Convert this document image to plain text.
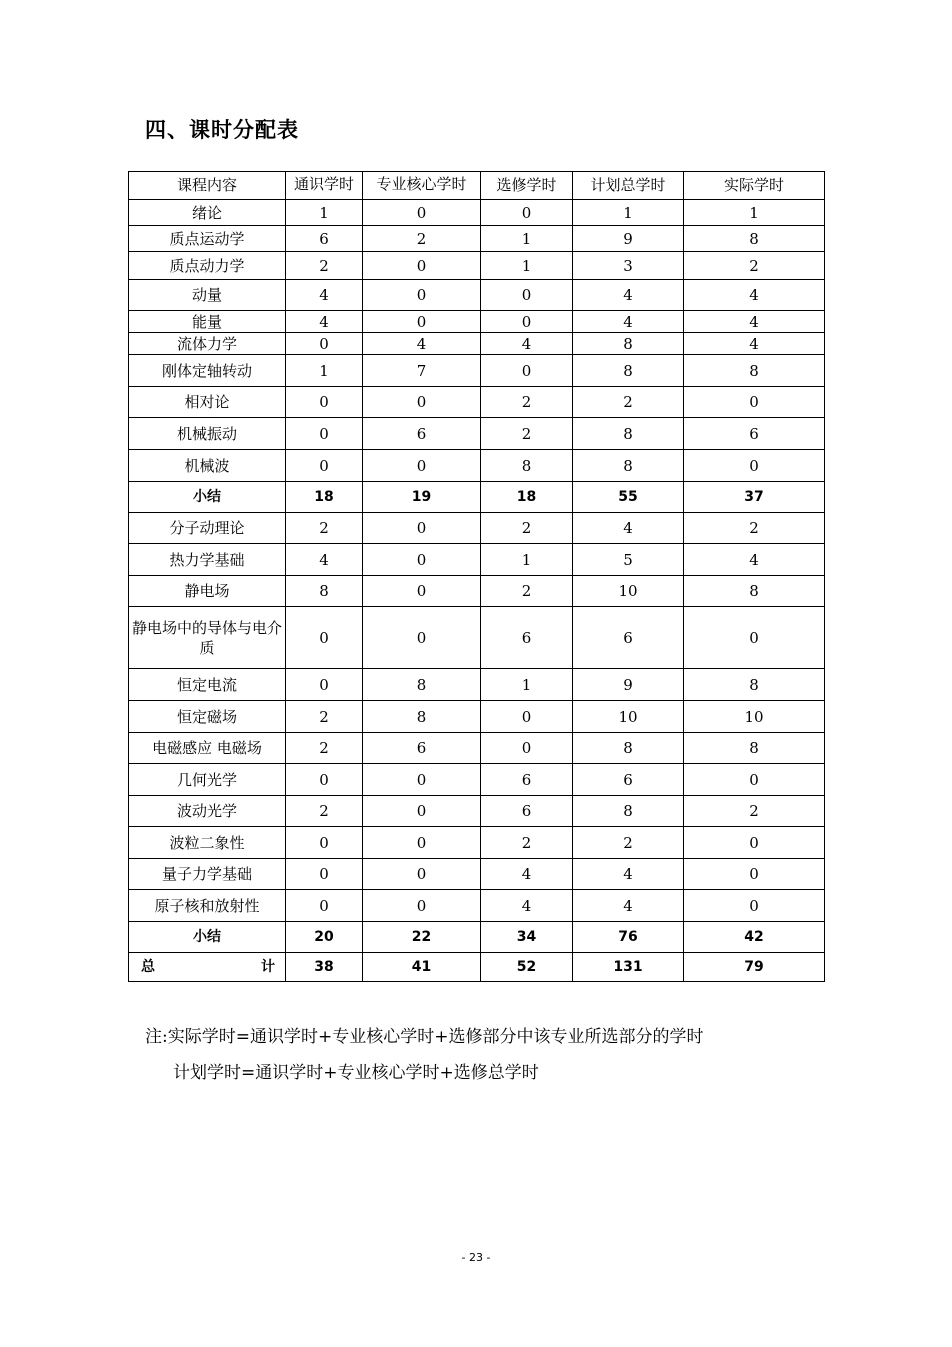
四、课时分配表
课程内容	通识学时	专业核心学时	选修学时	计划总学时	实际学时

绪论	1	0	0	1	1
质点运动学	6	2	1	9	8
质点动力学	2	0	1	3	2
动量	4	0	0	4	4
能量	4	0	0	4	4
流体力学	0	4	4	8	4
刚体定轴转动	1	7	0	8	8
相对论	0	0	2	2	0
机械振动	0	6	2	8	6
机械波	0	0	8	8	0
小结	18	19	18	55	37
分子动理论	2	0	2	4	2
热力学基础	4	0	1	5	4
静电场	8	0	2	10	8
静电场中的导体与电介质	0	0	6	6	0
恒定电流	0	8	1	9	8
恒定磁场	2	8	0	10	10
电磁感应 电磁场	2	6	0	8	8
几何光学	0	0	6	6	0
波动光学	2	0	6	8	2
波粒二象性	0	0	2	2	0
量子力学基础	0	0	4	4	0
原子核和放射性	0	0	4	4	0
小结	20	22	34	76	42

总 计	38	41	52	131	79
注:实际学时=通识学时+专业核心学时+选修部分中该专业所选部分的学时
计划学时=通识学时+专业核心学时+选修总学时
- 23 -
